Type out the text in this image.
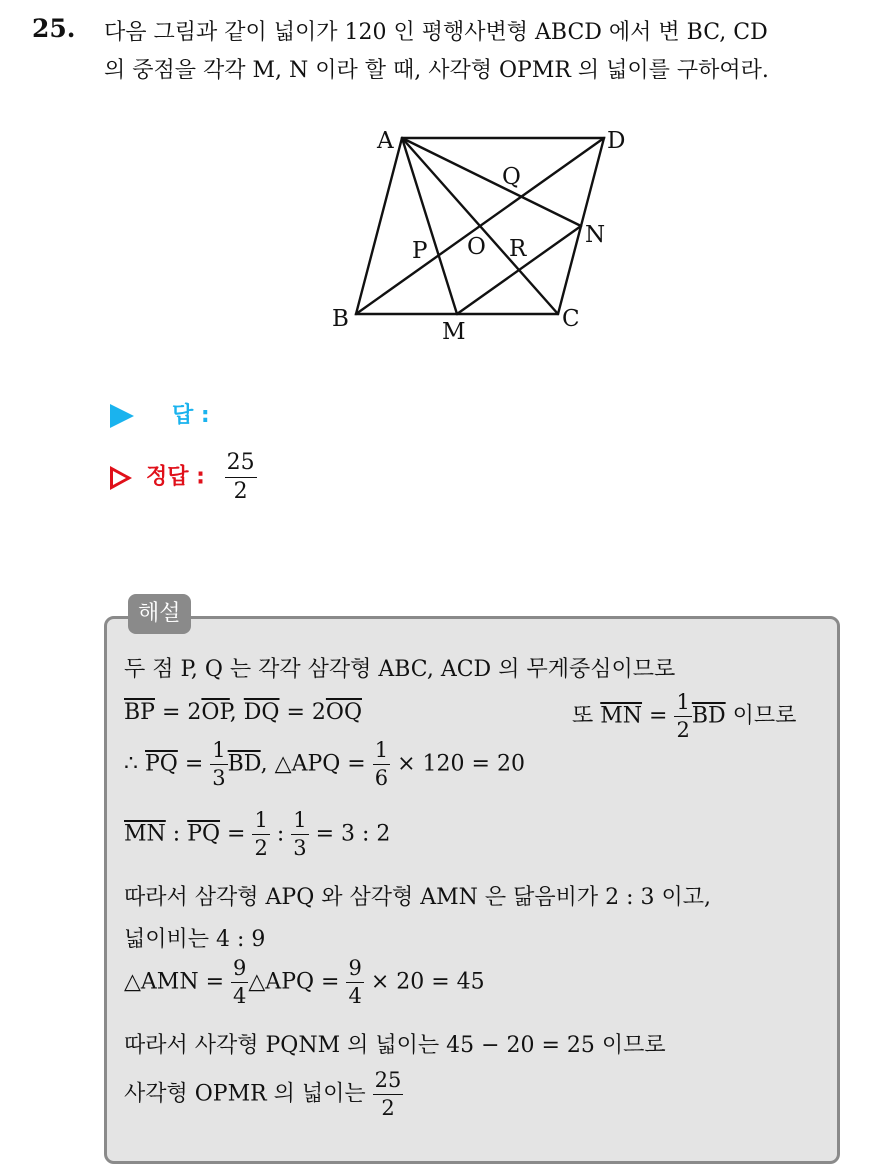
25. 다음 그림과 같이 넓이가 120 인 평행사변형 ABCD 에서 변 BC, CD
의 중점을 각각 M, N 이라 할 때, 사각형 OPMR 의 넓이를 구하여라.
A	D
B	C
M
N
Q
P O R
답 :
정답 : $\frac{25}{2}$
해설
두 점 P, Q 는 각각 삼각형 ABC, ACD 의 무게중심이므로
$\overline{BP} = 2\overline{OP}$, $\overline{DQ} = 2\overline{OQ}$	또 $\overline{MN} = \frac{1}{2} \overline{BD}$ 이므로
∴ $\overline{PQ} = \frac{1}{3} \overline{BD}$, △APQ = $\frac{1}{6} \times 120 = 20$
$\overline{MN}$ : $\overline{PQ} = \frac{1}{2}$ : $\frac{1}{3} = 3$ : 2
따라서 삼각형 APQ 와 삼각형 AMN 은 닮음비가 2 : 3 이고,
넓이비는 4 : 9
△AMN = $\frac{9}{4}$ △APQ = $\frac{9}{4} \times 20 = 45$
따라서 사각형 PQNM 의 넓이는 45 − 20 = 25 이므로
사각형 OPMR 의 넓이는 $\frac{25}{2}$
